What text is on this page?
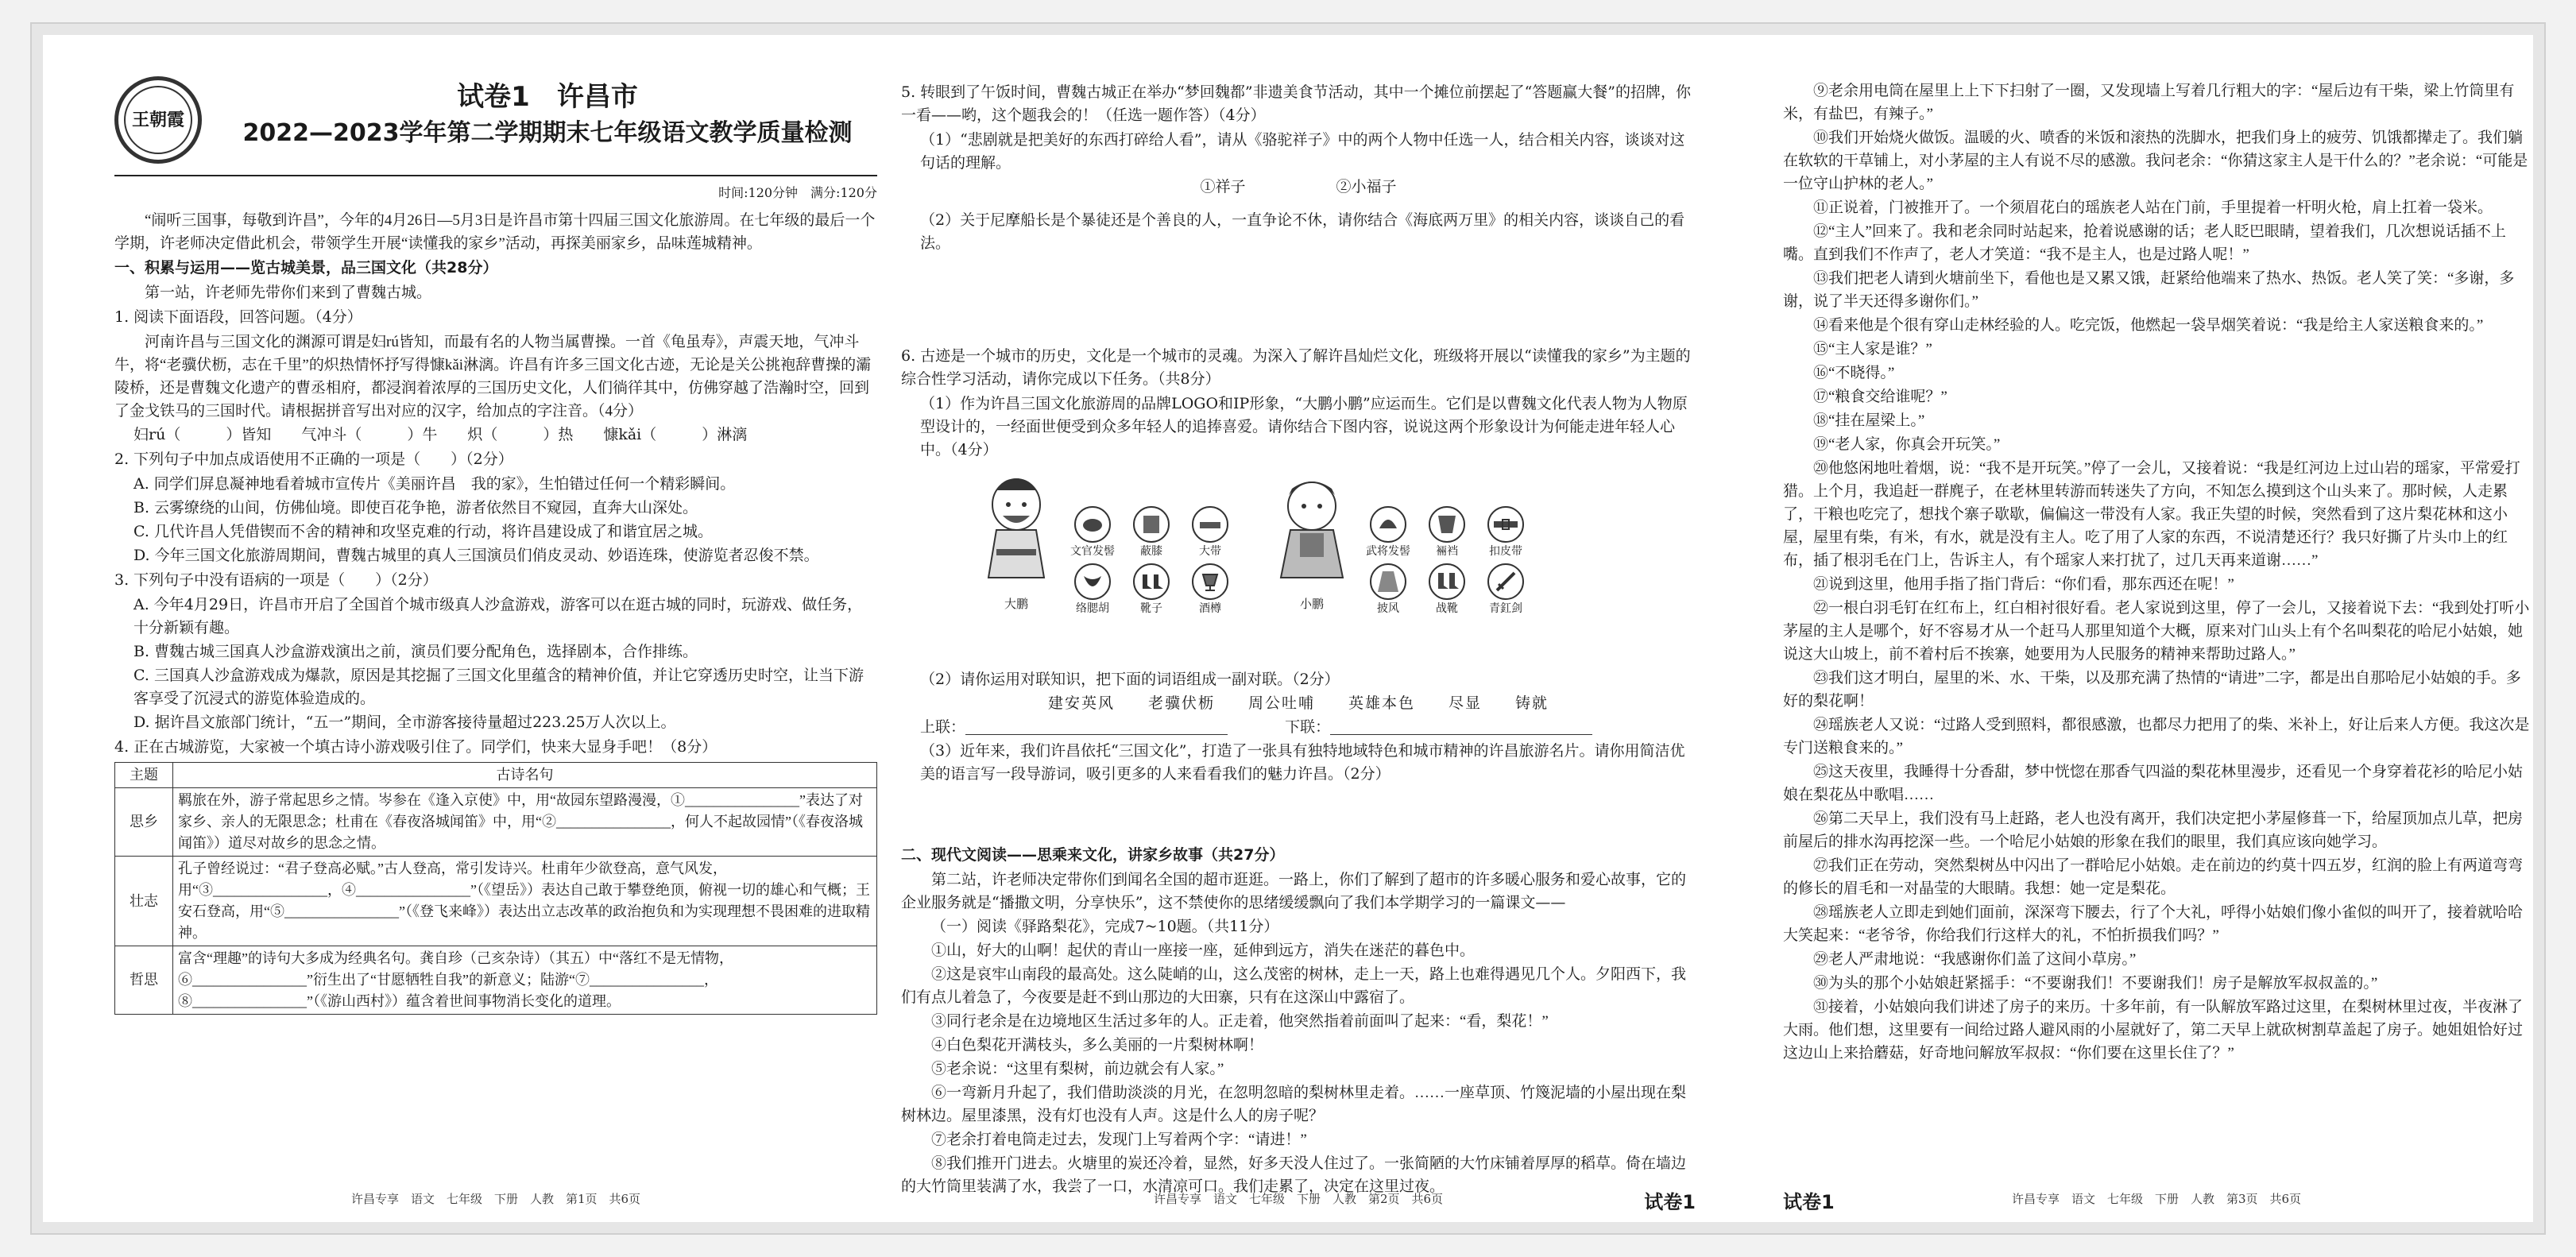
王朝霞
试卷1　许昌市
2022—2023学年第二学期期末七年级语文教学质量检测
时间:120分钟　满分:120分

“闹听三国事，每敬到许昌”，今年的4月26日—5月3日是许昌市第十四届三国文化旅游周。在七年级的最后一个学期，许老师决定借此机会，带领学生开展“读懂我的家乡”活动，再探美丽家乡，品味莲城精神。

一、积累与运用——览古城美景，品三国文化（共28分）

第一站，许老师先带你们来到了曹魏古城。

1. 阅读下面语段，回答问题。（4分）

河南许昌与三国文化的渊源可谓是妇rú皆知，而最有名的人物当属曹操。一首《龟虽寿》，声震天地，气冲斗牛，将“老骥伏枥，志在千里”的炽热情怀抒写得慷kǎi淋漓。许昌有许多三国文化古迹，无论是关公挑袍辞曹操的灞陵桥，还是曹魏文化遗产的曹丞相府，都浸润着浓厚的三国历史文化，人们徜徉其中，仿佛穿越了浩瀚时空，回到了金戈铁马的三国时代。请根据拼音写出对应的汉字，给加点的字注音。（4分）

妇rú（　　　）皆知　　气冲斗（　　　）牛　　炽（　　　）热　　慷kǎi（　　　）淋漓

2. 下列句子中加点成语使用不正确的一项是（　　）（2分）

A. 同学们屏息凝神地看着城市宣传片《美丽许昌　我的家》，生怕错过任何一个精彩瞬间。

B. 云雾缭绕的山间，仿佛仙境。即使百花争艳，游者依然目不窥园，直奔大山深处。

C. 几代许昌人凭借锲而不舍的精神和攻坚克难的行动，将许昌建设成了和谐宜居之城。

D. 今年三国文化旅游周期间，曹魏古城里的真人三国演员们俏皮灵动、妙语连珠，使游览者忍俊不禁。

3. 下列句子中没有语病的一项是（　　）（2分）

A. 今年4月29日，许昌市开启了全国首个城市级真人沙盒游戏，游客可以在逛古城的同时，玩游戏、做任务，十分新颖有趣。

B. 曹魏古城三国真人沙盒游戏演出之前，演员们要分配角色，选择剧本，合作排练。

C. 三国真人沙盒游戏成为爆款，原因是其挖掘了三国文化里蕴含的精神价值，并让它穿透历史时空，让当下游客享受了沉浸式的游览体验造成的。

D. 据许昌文旅部门统计，“五一”期间，全市游客接待量超过223.25万人次以上。

4. 正在古城游览，大家被一个填古诗小游戏吸引住了。同学们，快来大显身手吧！（8分）

主题	古诗名句
思乡	羁旅在外，游子常起思乡之情。岑参在《逢入京使》中，用“故园东望路漫漫，①________________”表达了对家乡、亲人的无限思念；杜甫在《春夜洛城闻笛》中，用“②________________，何人不起故园情”（《春夜洛城闻笛》）道尽对故乡的思念之情。
壮志	孔子曾经说过：“君子登高必赋。”古人登高，常引发诗兴。杜甫年少欲登高，意气风发，用“③________________，④________________”（《望岳》）表达自己敢于攀登绝顶，俯视一切的雄心和气概；王安石登高，用“⑤________________”（《登飞来峰》）表达出立志改革的政治抱负和为实现理想不畏困难的进取精神。
哲思	富含“理趣”的诗句大多成为经典名句。龚自珍（己亥杂诗）（其五）中“落红不是无情物，⑥________________”衍生出了“甘愿牺牲自我”的新意义；陆游“⑦________________，⑧________________”（《游山西村》）蕴含着世间事物消长变化的道理。
许昌专享　语文　七年级　下册　人教　第1页　共6页

5. 转眼到了午饭时间，曹魏古城正在举办“梦回魏都”非遗美食节活动，其中一个摊位前摆起了“答题赢大餐”的招牌，你一看——哟，这个题我会的！（任选一题作答）（4分）

（1）“悲剧就是把美好的东西打碎给人看”，请从《骆驼祥子》中的两个人物中任选一人，结合相关内容，谈谈对这句话的理解。

①祥子　　　　　　②小福子

（2）关于尼摩船长是个暴徒还是个善良的人，一直争论不休，请你结合《海底两万里》的相关内容，谈谈自己的看法。

6. 古迹是一个城市的历史，文化是一个城市的灵魂。为深入了解许昌灿烂文化，班级将开展以“读懂我的家乡”为主题的综合性学习活动，请你完成以下任务。（共8分）

（1）作为许昌三国文化旅游周的品牌LOGO和IP形象，“大鹏小鹏”应运而生。它们是以曹魏文化代表人物为人物原型设计的，一经面世便受到众多年轻人的追捧喜爱。请你结合下图内容，说说这两个形象设计为何能走进年轻人心中。（4分）

大鹏
文官发髻	蔽膝	大带
络腮胡	靴子	酒樽	小鹏
武将发髻	裲裆	扣皮带
披风	战靴	青釭剑

（2）请你运用对联知识，把下面的词语组成一副对联。（2分）

建安英风　　老骥伏枥　　周公吐哺　　英雄本色　　尽显　　铸就

上联：	下联：

（3）近年来，我们许昌依托“三国文化”，打造了一张具有独特地域特色和城市精神的许昌旅游名片。请你用简洁优美的语言写一段导游词，吸引更多的人来看看我们的魅力许昌。（2分）

二、现代文阅读——思乘来文化，讲家乡故事（共27分）

第二站，许老师决定带你们到闻名全国的超市逛逛。一路上，你们了解到了超市的许多暖心服务和爱心故事，它的企业服务就是“播撒文明，分享快乐”，这不禁使你的思绪缓缓飘向了我们本学期学习的一篇课文——

（一）阅读《驿路梨花》，完成7~10题。（共11分）

①山，好大的山啊！起伏的青山一座接一座，延伸到远方，消失在迷茫的暮色中。

②这是哀牢山南段的最高处。这么陡峭的山，这么茂密的树林，走上一天，路上也难得遇见几个人。夕阳西下，我们有点儿着急了，今夜要是赶不到山那边的大田寨，只有在这深山中露宿了。

③同行老余是在边境地区生活过多年的人。正走着，他突然指着前面叫了起来：“看，梨花！”

④白色梨花开满枝头，多么美丽的一片梨树林啊！

⑤老余说：“这里有梨树，前边就会有人家。”

⑥一弯新月升起了，我们借助淡淡的月光，在忽明忽暗的梨树林里走着。……一座草顶、竹篾泥墙的小屋出现在梨树林边。屋里漆黑，没有灯也没有人声。这是什么人的房子呢？

⑦老余打着电筒走过去，发现门上写着两个字：“请进！”

⑧我们推开门进去。火塘里的炭还冷着，显然，好多天没人住过了。一张简陋的大竹床铺着厚厚的稻草。倚在墙边的大竹筒里装满了水，我尝了一口，水清凉可口。我们走累了，决定在这里过夜。

许昌专享　语文　七年级　下册　人教　第2页　共6页	试卷1

⑨老余用电筒在屋里上上下下扫射了一圈，又发现墙上写着几行粗大的字：“屋后边有干柴，梁上竹筒里有米，有盐巴，有辣子。”

⑩我们开始烧火做饭。温暖的火、喷香的米饭和滚热的洗脚水，把我们身上的疲劳、饥饿都撵走了。我们躺在软软的干草铺上，对小茅屋的主人有说不尽的感激。我问老余：“你猜这家主人是干什么的？”老余说：“可能是一位守山护林的老人。”

⑪正说着，门被推开了。一个须眉花白的瑶族老人站在门前，手里提着一杆明火枪，肩上扛着一袋米。

⑫“主人”回来了。我和老余同时站起来，抢着说感谢的话；老人眨巴眼睛，望着我们，几次想说话插不上嘴。直到我们不作声了，老人才笑道：“我不是主人，也是过路人呢！”

⑬我们把老人请到火塘前坐下，看他也是又累又饿，赶紧给他端来了热水、热饭。老人笑了笑：“多谢，多谢，说了半天还得多谢你们。”

⑭看来他是个很有穿山走林经验的人。吃完饭，他燃起一袋旱烟笑着说：“我是给主人家送粮食来的。”

⑮“主人家是谁？”

⑯“不晓得。”

⑰“粮食交给谁呢？”

⑱“挂在屋梁上。”

⑲“老人家，你真会开玩笑。”

⑳他悠闲地吐着烟，说：“我不是开玩笑。”停了一会儿，又接着说：“我是红河边上过山岩的瑶家，平常爱打猎。上个月，我追赶一群麂子，在老林里转游而转迷失了方向，不知怎么摸到这个山头来了。那时候，人走累了，干粮也吃完了，想找个寨子歇歇，偏偏这一带没有人家。我正失望的时候，突然看到了这片梨花林和这小屋，屋里有柴，有米，有水，就是没有主人。吃了用了人家的东西，不说清楚还行？我只好撕了片头巾上的红布，插了根羽毛在门上，告诉主人，有个瑶家人来打扰了，过几天再来道谢……”

㉑说到这里，他用手指了指门背后：“你们看，那东西还在呢！”

㉒一根白羽毛钉在红布上，红白相衬很好看。老人家说到这里，停了一会儿，又接着说下去：“我到处打听小茅屋的主人是哪个，好不容易才从一个赶马人那里知道个大概，原来对门山头上有个名叫梨花的哈尼小姑娘，她说这大山坡上，前不着村后不挨寨，她要用为人民服务的精神来帮助过路人。”

㉓我们这才明白，屋里的米、水、干柴，以及那充满了热情的“请进”二字，都是出自那哈尼小姑娘的手。多好的梨花啊！

㉔瑶族老人又说：“过路人受到照料，都很感激，也都尽力把用了的柴、米补上，好让后来人方便。我这次是专门送粮食来的。”

㉕这天夜里，我睡得十分香甜，梦中恍惚在那香气四溢的梨花林里漫步，还看见一个身穿着花衫的哈尼小姑娘在梨花丛中歌唱……

㉖第二天早上，我们没有马上赶路，老人也没有离开，我们决定把小茅屋修葺一下，给屋顶加点儿草，把房前屋后的排水沟再挖深一些。一个哈尼小姑娘的形象在我们的眼里，我们真应该向她学习。

㉗我们正在劳动，突然梨树丛中闪出了一群哈尼小姑娘。走在前边的约莫十四五岁，红润的脸上有两道弯弯的修长的眉毛和一对晶莹的大眼睛。我想：她一定是梨花。

㉘瑶族老人立即走到她们面前，深深弯下腰去，行了个大礼，呼得小姑娘们像小雀似的叫开了，接着就哈哈大笑起来：“老爷爷，你给我们行这样大的礼，不怕折损我们吗？”

㉙老人严肃地说：“我感谢你们盖了这间小草房。”

㉚为头的那个小姑娘赶紧摇手：“不要谢我们！不要谢我们！房子是解放军叔叔盖的。”

㉛接着，小姑娘向我们讲述了房子的来历。十多年前，有一队解放军路过这里，在梨树林里过夜，半夜淋了大雨。他们想，这里要有一间给过路人避风雨的小屋就好了，第二天早上就砍树割草盖起了房子。她姐姐恰好过这边山上来拾蘑菇，好奇地问解放军叔叔：“你们要在这里长住了？”

许昌专享　语文　七年级　下册　人教　第3页　共6页
试卷1
